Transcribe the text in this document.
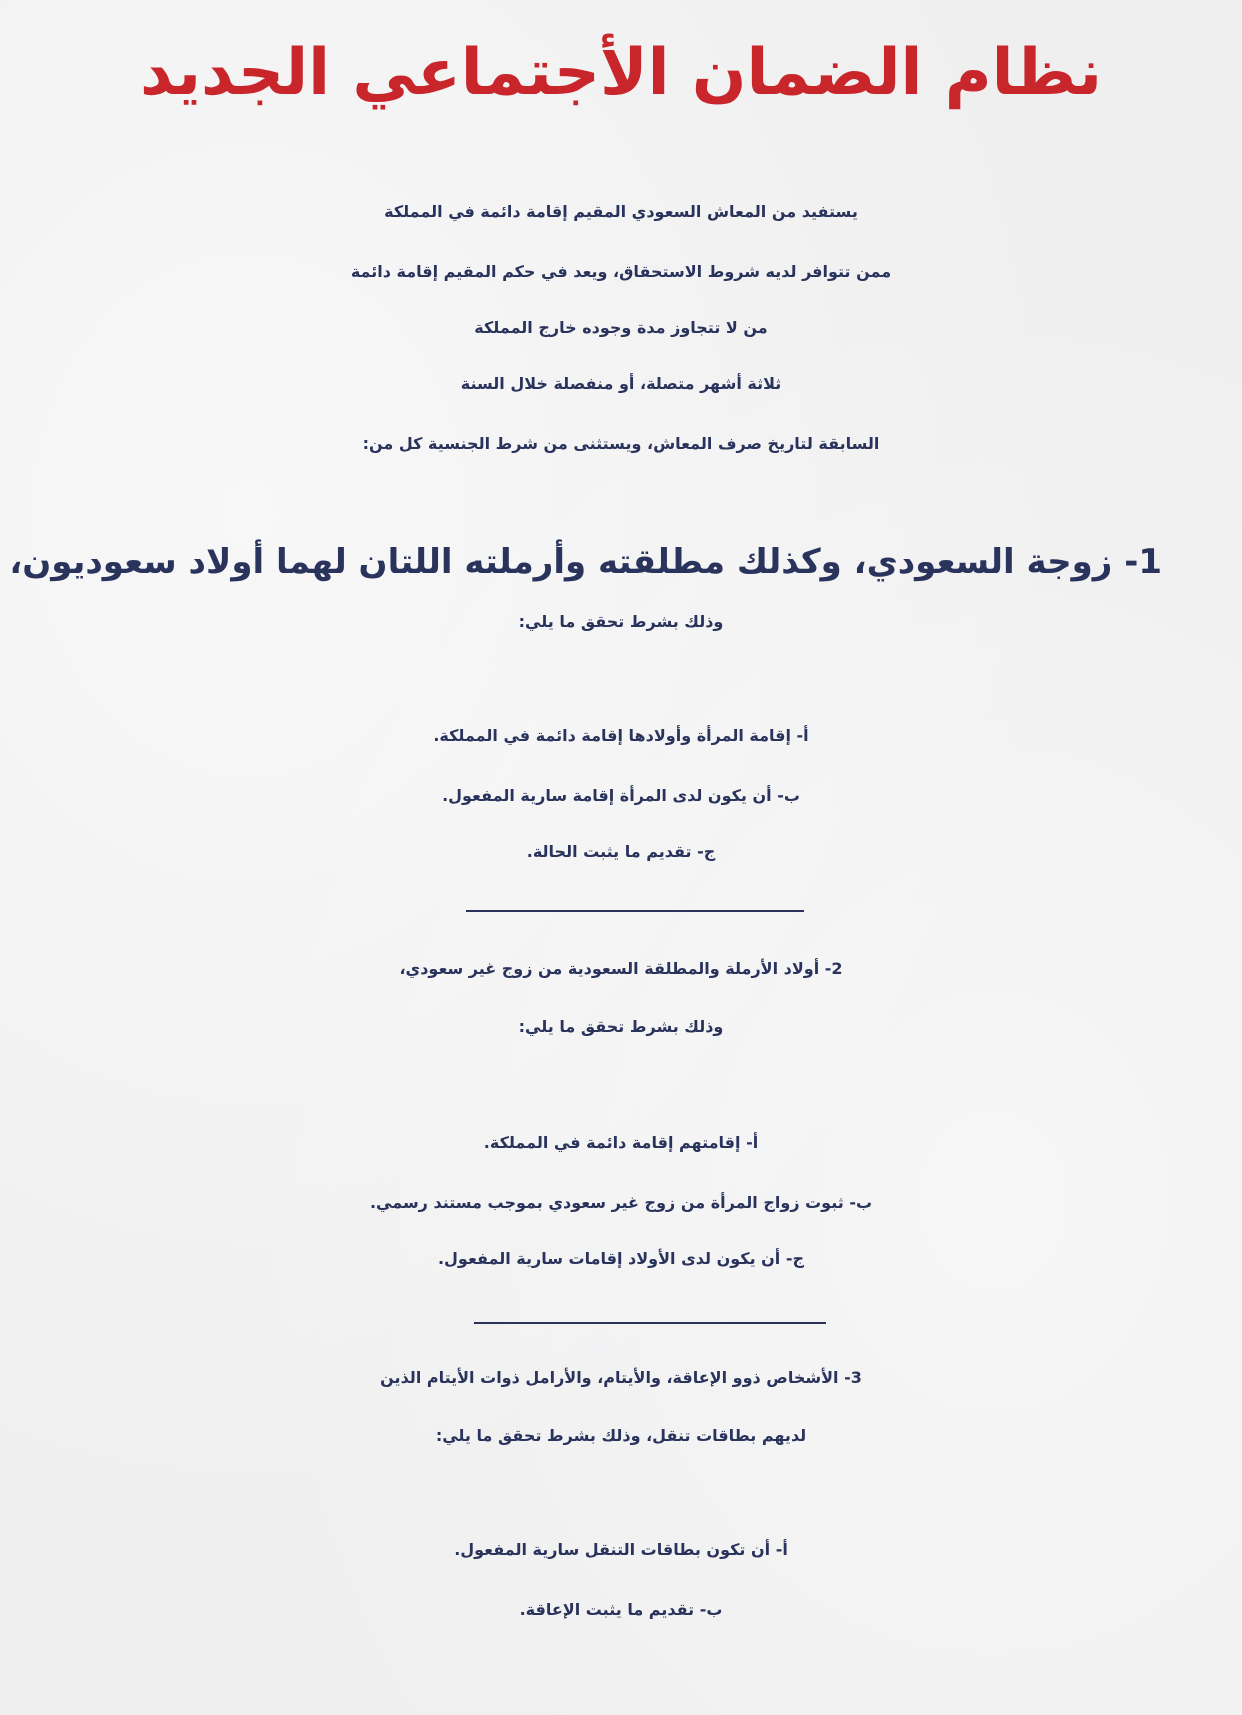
نظام الضمان الأجتماعي الجديد
يستفيد من المعاش السعودي المقيم إقامة دائمة في المملكة
ممن تتوافر لديه شروط الاستحقاق، ويعد في حكم المقيم إقامة دائمة
من لا تتجاوز مدة وجوده خارج المملكة
ثلاثة أشهر متصلة، أو منفصلة خلال السنة
السابقة لتاريخ صرف المعاش، ويستثنى من شرط الجنسية كل من:
1- زوجة السعودي، وكذلك مطلقته وأرملته اللتان لهما أولاد سعوديون،
وذلك بشرط تحقق ما يلي:
أ- إقامة المرأة وأولادها إقامة دائمة في المملكة.
ب- أن يكون لدى المرأة إقامة سارية المفعول.
ج- تقديم ما يثبت الحالة.
2- أولاد الأرملة والمطلقة السعودية من زوج غير سعودي،
وذلك بشرط تحقق ما يلي:
أ- إقامتهم إقامة دائمة في المملكة.
ب- ثبوت زواج المرأة من زوج غير سعودي بموجب مستند رسمي.
ج- أن يكون لدى الأولاد إقامات سارية المفعول.
3- الأشخاص ذوو الإعاقة، والأيتام، والأرامل ذوات الأيتام الذين
لديهم بطاقات تنقل، وذلك بشرط تحقق ما يلي:
أ- أن تكون بطاقات التنقل سارية المفعول.
ب- تقديم ما يثبت الإعاقة.
